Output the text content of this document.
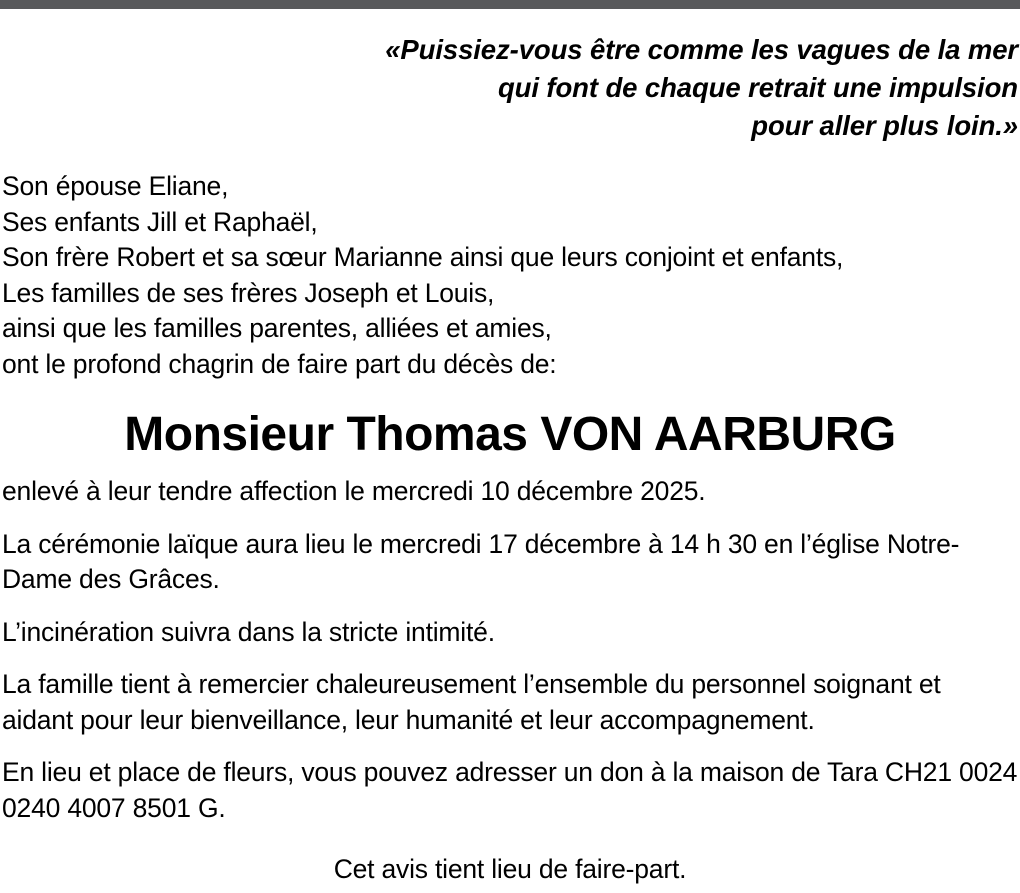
«Puissiez-vous être comme les vagues de la mer
qui font de chaque retrait une impulsion
pour aller plus loin.»
Son épouse Eliane,
Ses enfants Jill et Raphaël,
Son frère Robert et sa sœur Marianne ainsi que leurs conjoint et enfants,
Les familles de ses frères Joseph et Louis,
ainsi que les familles parentes, alliées et amies,
ont le profond chagrin de faire part du décès de:
Monsieur Thomas VON AARBURG
enlevé à leur tendre affection le mercredi 10 décembre 2025.
La cérémonie laïque aura lieu le mercredi 17 décembre à 14 h 30 en l’église Notre-Dame des Grâces.
L’incinération suivra dans la stricte intimité.
La famille tient à remercier chaleureusement l’ensemble du personnel soignant et aidant pour leur bienveillance, leur humanité et leur accompagnement.
En lieu et place de fleurs, vous pouvez adresser un don à la maison de Tara CH21 0024 0240 4007 8501 G.
Cet avis tient lieu de faire-part.
